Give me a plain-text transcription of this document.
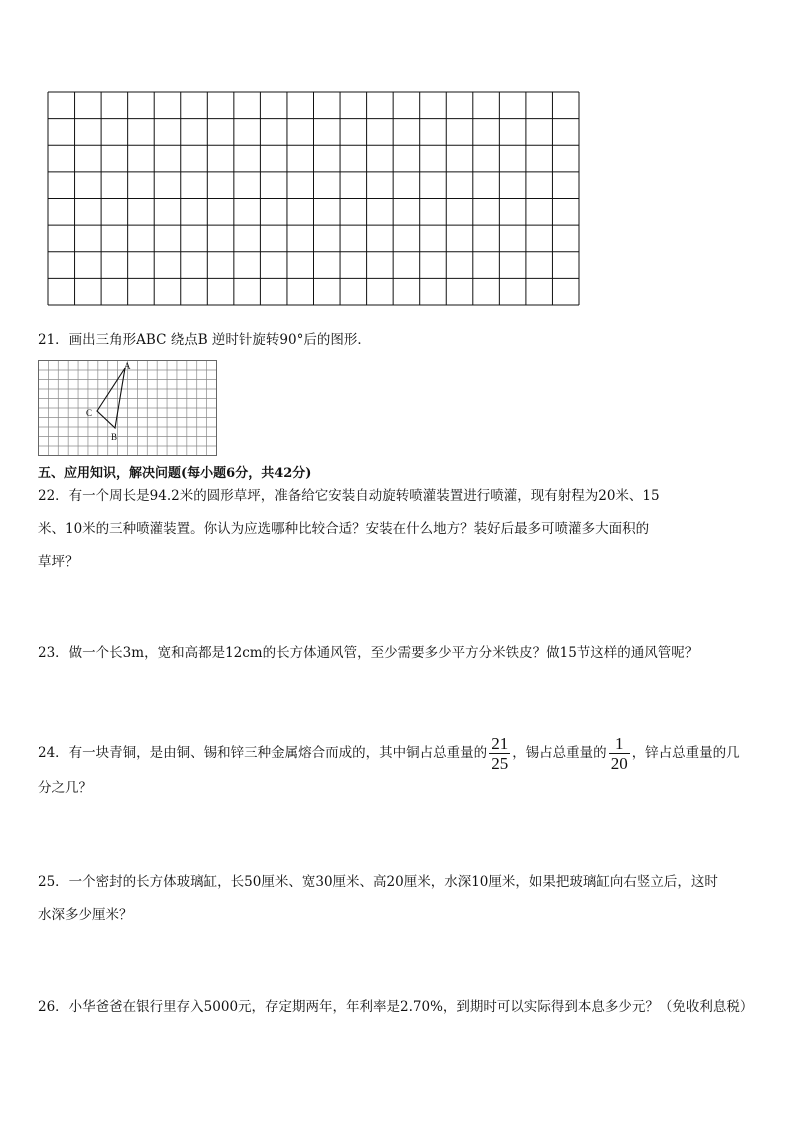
21．画出三角形ABC 绕点B 逆时针旋转90°后的图形．

A
B
C
五、应用知识，解决问题(每小题6分，共42分)

22．有一个周长是94.2米的圆形草坪，准备给它安装自动旋转喷灌装置进行喷灌，现有射程为20米、15

米、10米的三种喷灌装置。你认为应选哪种比较合适？安装在什么地方？装好后最多可喷灌多大面积的

草坪？

23．做一个长3m，宽和高都是12cm的长方体通风管，至少需要多少平方分米铁皮？做15节这样的通风管呢？

24．有一块青铜，是由铜、锡和锌三种金属熔合而成的，其中铜占总重量的 $\frac{21}{25}$ ，锡占总重量的 $\frac{1}{20}$ ，锌占总重量的几

分之几？

25．一个密封的长方体玻璃缸，长50厘米、宽30厘米、高20厘米，水深10厘米，如果把玻璃缸向右竖立后，这时

水深多少厘米？

26．小华爸爸在银行里存入5000元，存定期两年，年利率是2.70%，到期时可以实际得到本息多少元？（免收利息税）
